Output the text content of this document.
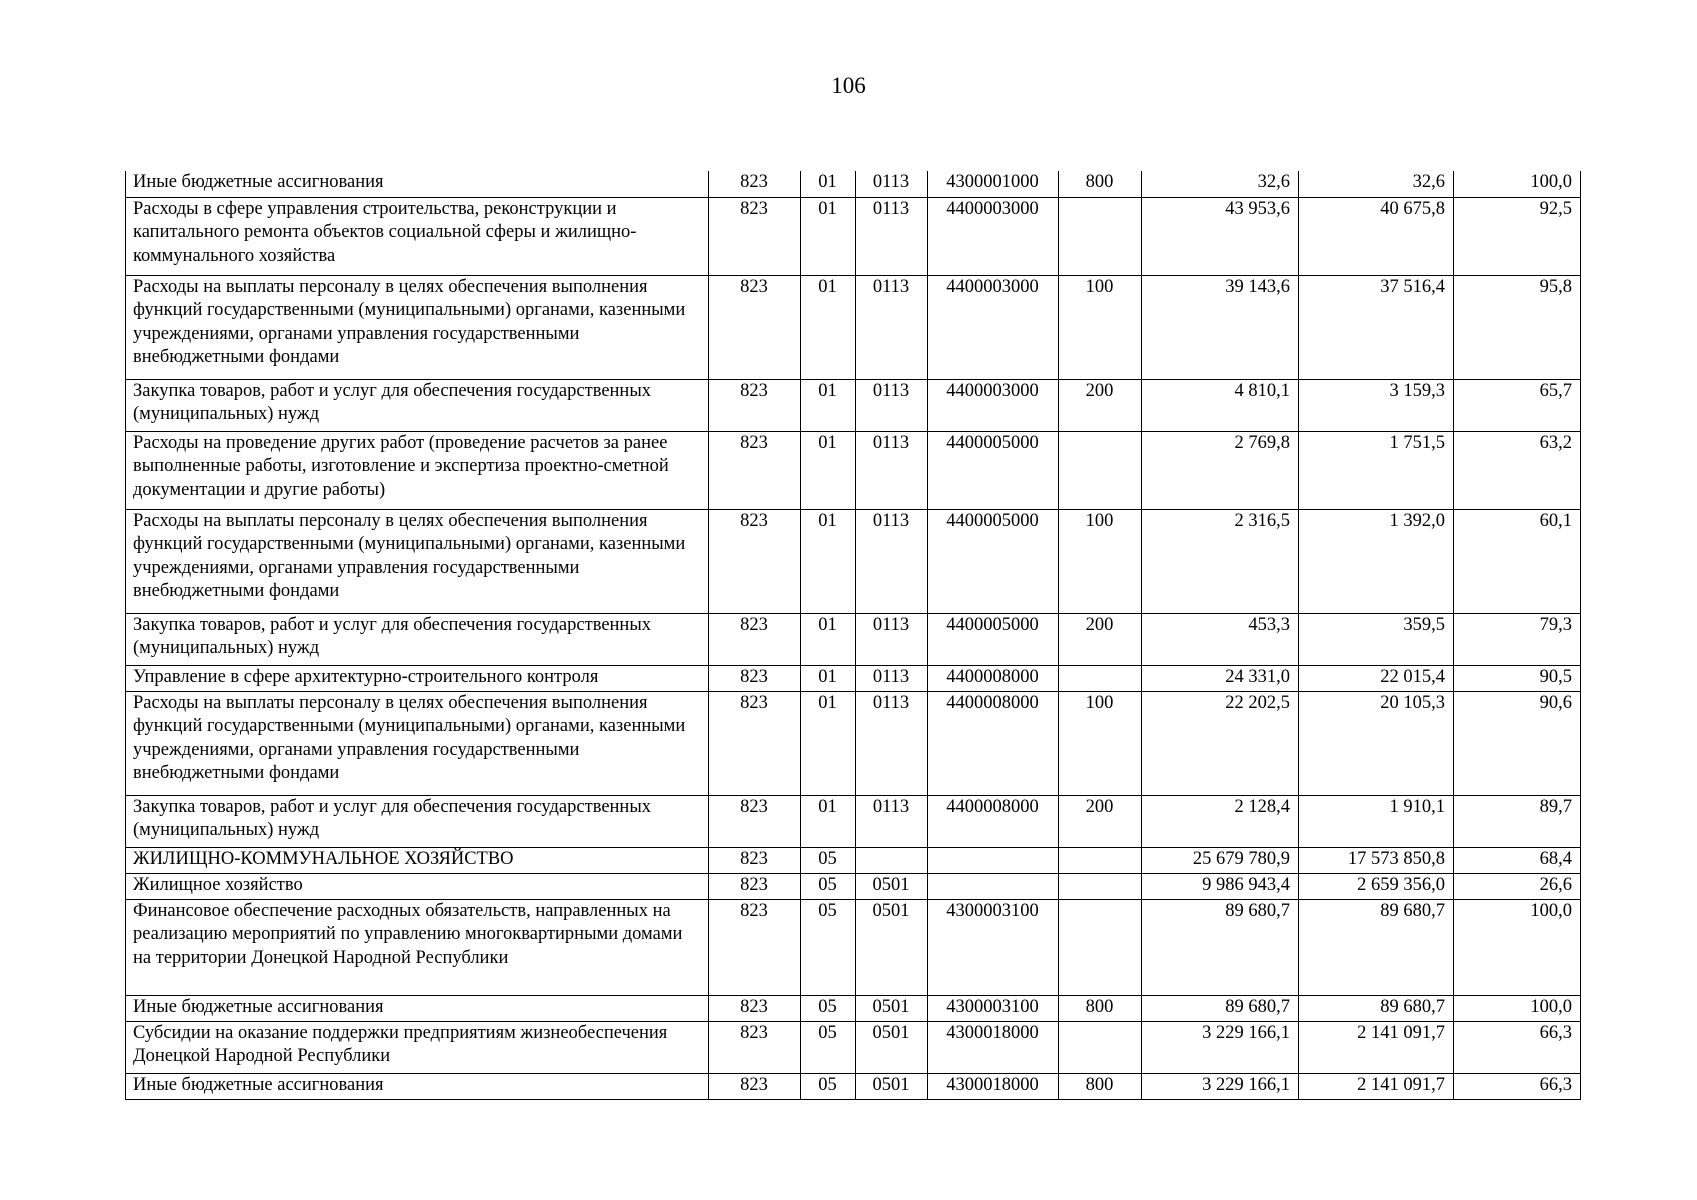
106
Иные бюджетные ассигнования	823	01	0113	4300001000	800	32,6	32,6	100,0
Расходы в сфере управления строительства, реконструкции и капитального ремонта объектов социальной сферы и жилищно-коммунального хозяйства	823	01	0113	4400003000		43 953,6	40 675,8	92,5
Расходы на выплаты персоналу в целях обеспечения выполнения функций государственными (муниципальными) органами, казенными учреждениями, органами управления государственными внебюджетными фондами	823	01	0113	4400003000	100	39 143,6	37 516,4	95,8
Закупка товаров, работ и услуг для обеспечения государственных (муниципальных) нужд	823	01	0113	4400003000	200	4 810,1	3 159,3	65,7
Расходы на проведение других работ (проведение расчетов за ранее выполненные работы, изготовление и экспертиза проектно-сметной документации и другие работы)	823	01	0113	4400005000		2 769,8	1 751,5	63,2
Расходы на выплаты персоналу в целях обеспечения выполнения функций государственными (муниципальными) органами, казенными учреждениями, органами управления государственными внебюджетными фондами	823	01	0113	4400005000	100	2 316,5	1 392,0	60,1
Закупка товаров, работ и услуг для обеспечения государственных (муниципальных) нужд	823	01	0113	4400005000	200	453,3	359,5	79,3
Управление в сфере архитектурно-строительного контроля	823	01	0113	4400008000		24 331,0	22 015,4	90,5
Расходы на выплаты персоналу в целях обеспечения выполнения функций государственными (муниципальными) органами, казенными учреждениями, органами управления государственными внебюджетными фондами	823	01	0113	4400008000	100	22 202,5	20 105,3	90,6
Закупка товаров, работ и услуг для обеспечения государственных (муниципальных) нужд	823	01	0113	4400008000	200	2 128,4	1 910,1	89,7
ЖИЛИЩНО-КОММУНАЛЬНОЕ ХОЗЯЙСТВО	823	05				25 679 780,9	17 573 850,8	68,4
Жилищное хозяйство	823	05	0501			9 986 943,4	2 659 356,0	26,6
Финансовое обеспечение расходных обязательств, направленных на реализацию мероприятий по управлению многоквартирными домами на территории Донецкой Народной Республики	823	05	0501	4300003100		89 680,7	89 680,7	100,0
Иные бюджетные ассигнования	823	05	0501	4300003100	800	89 680,7	89 680,7	100,0
Субсидии на оказание поддержки предприятиям жизнеобеспечения Донецкой Народной Республики	823	05	0501	4300018000		3 229 166,1	2 141 091,7	66,3
Иные бюджетные ассигнования	823	05	0501	4300018000	800	3 229 166,1	2 141 091,7	66,3
